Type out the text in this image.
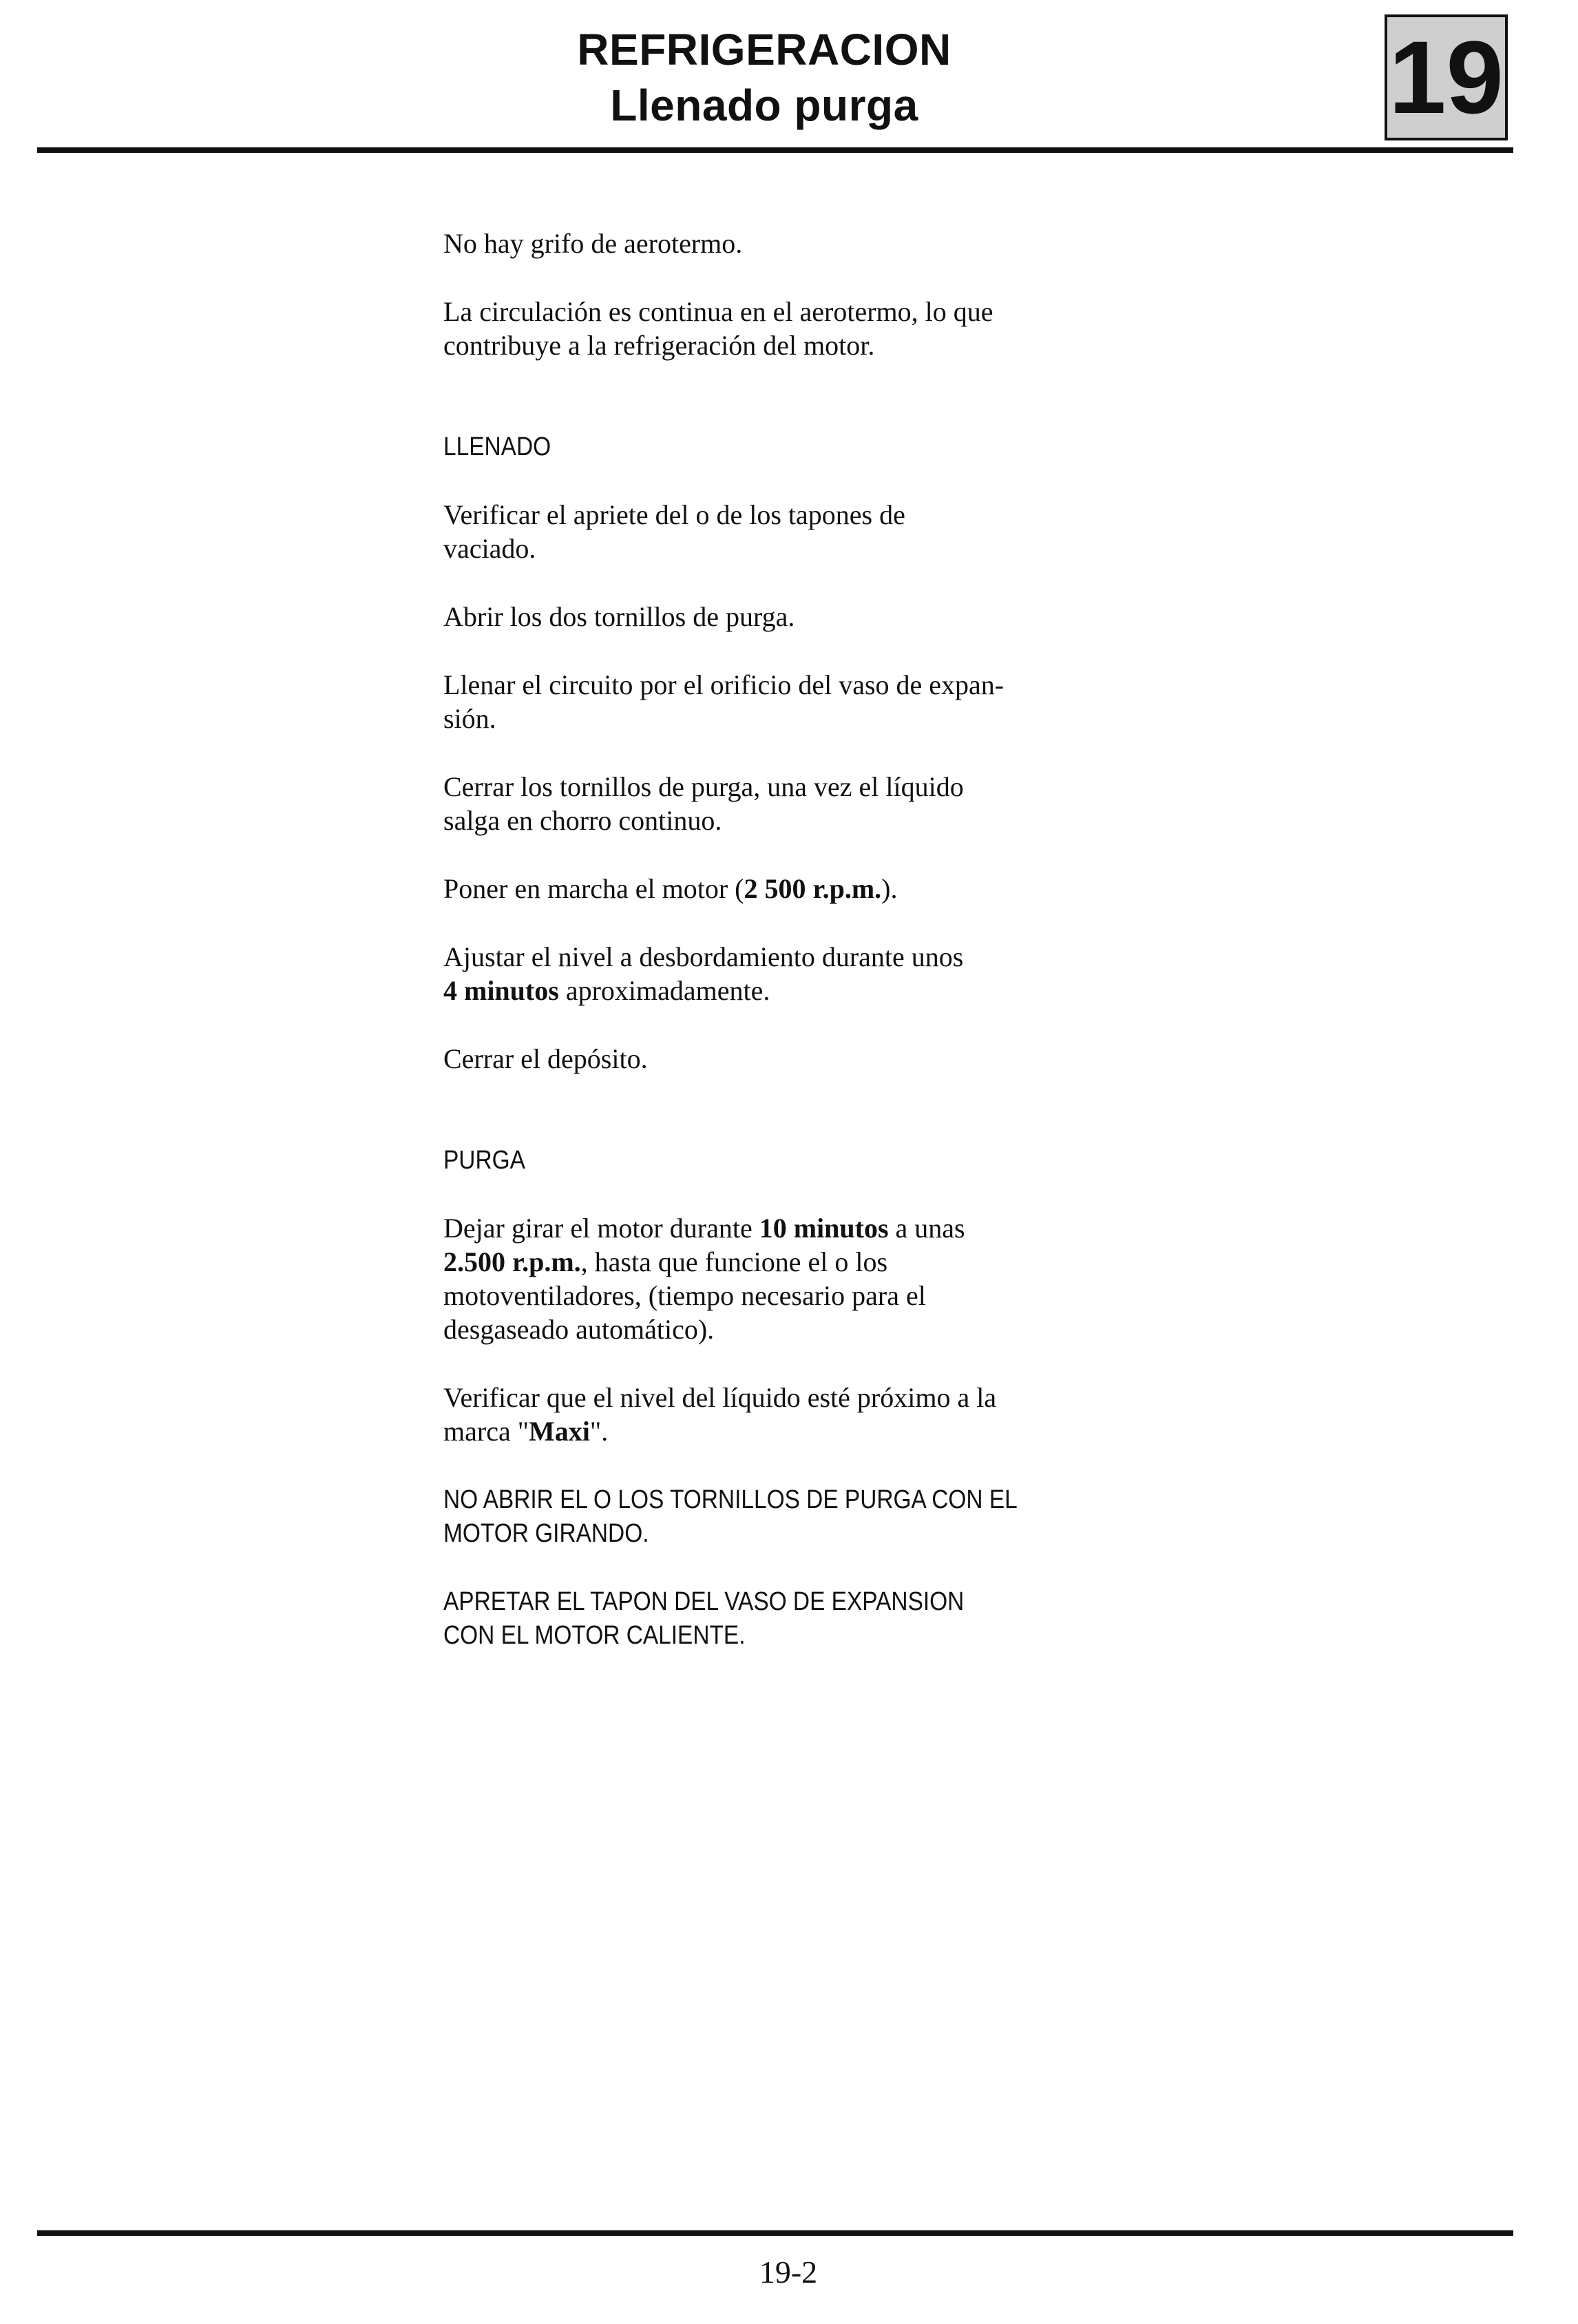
REFRIGERACION
Llenado purga	19
No hay grifo de aerotermo.
La circulación es continua en el aerotermo, lo que
contribuye a la refrigeración del motor.
LLENADO
Verificar el apriete del o de los tapones de
vaciado.
Abrir los dos tornillos de purga.
Llenar el circuito por el orificio del vaso de expan-
sión.
Cerrar los tornillos de purga, una vez el líquido
salga en chorro continuo.
Poner en marcha el motor (2 500 r.p.m.).
Ajustar el nivel a desbordamiento durante unos
4 minutos aproximadamente.
Cerrar el depósito.
PURGA
Dejar girar el motor durante 10 minutos a unas
2.500 r.p.m., hasta que funcione el o los
motoventiladores, (tiempo necesario para el
desgaseado automático).
Verificar que el nivel del líquido esté próximo a la
marca "Maxi".
NO ABRIR EL O LOS TORNILLOS DE PURGA CON EL
MOTOR GIRANDO.
APRETAR EL TAPON DEL VASO DE EXPANSION
CON EL MOTOR CALIENTE.
19-2
